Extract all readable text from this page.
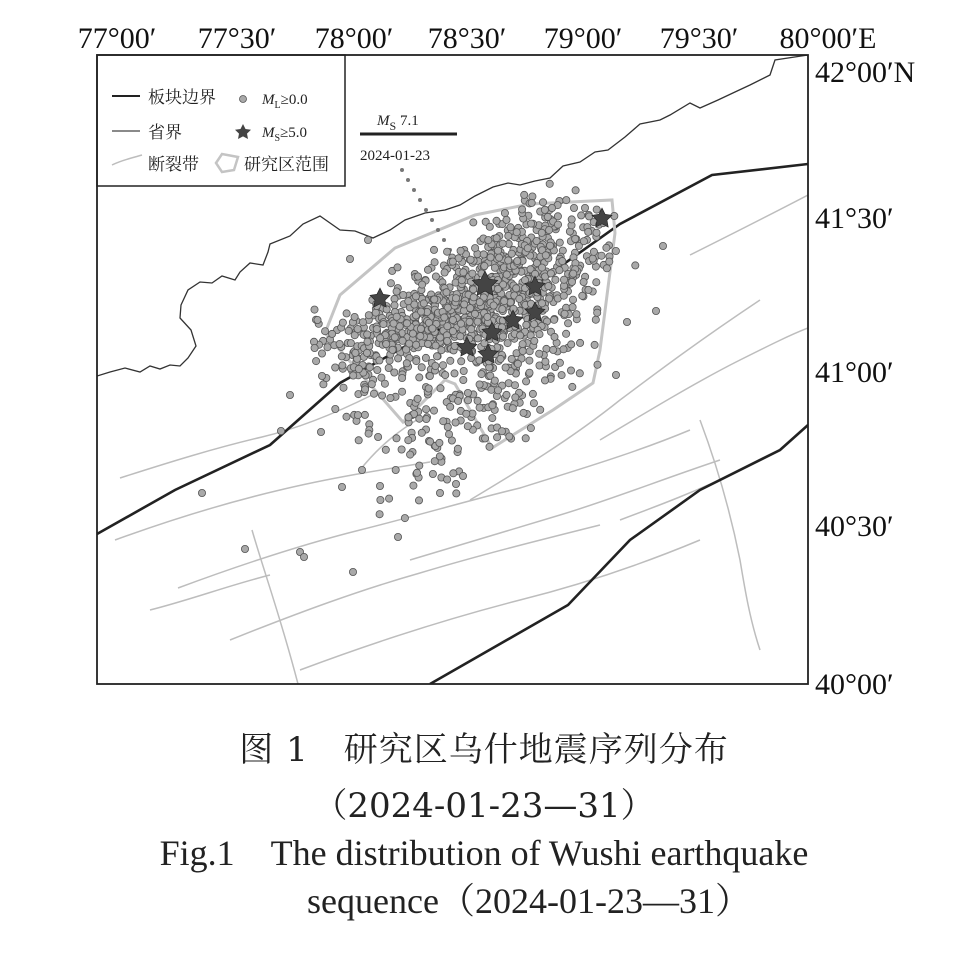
77°00′ 77°30′ 78°00′ 78°30′ 79°00′ 79°30′ 80°00′E
42°00′N
41°30′
41°00′
40°30′
40°00′
板块边界	$M_L\ge 0.0$
省界	$M_S\ge 5.0$
断裂带	研究区范围
$M_S$ 7.1
2024-01-23
图 1　研究区乌什地震序列分布
（2024-01-23—31）
Fig.1　The distribution of Wushi earthquake
sequence（2024-01-23—31）
